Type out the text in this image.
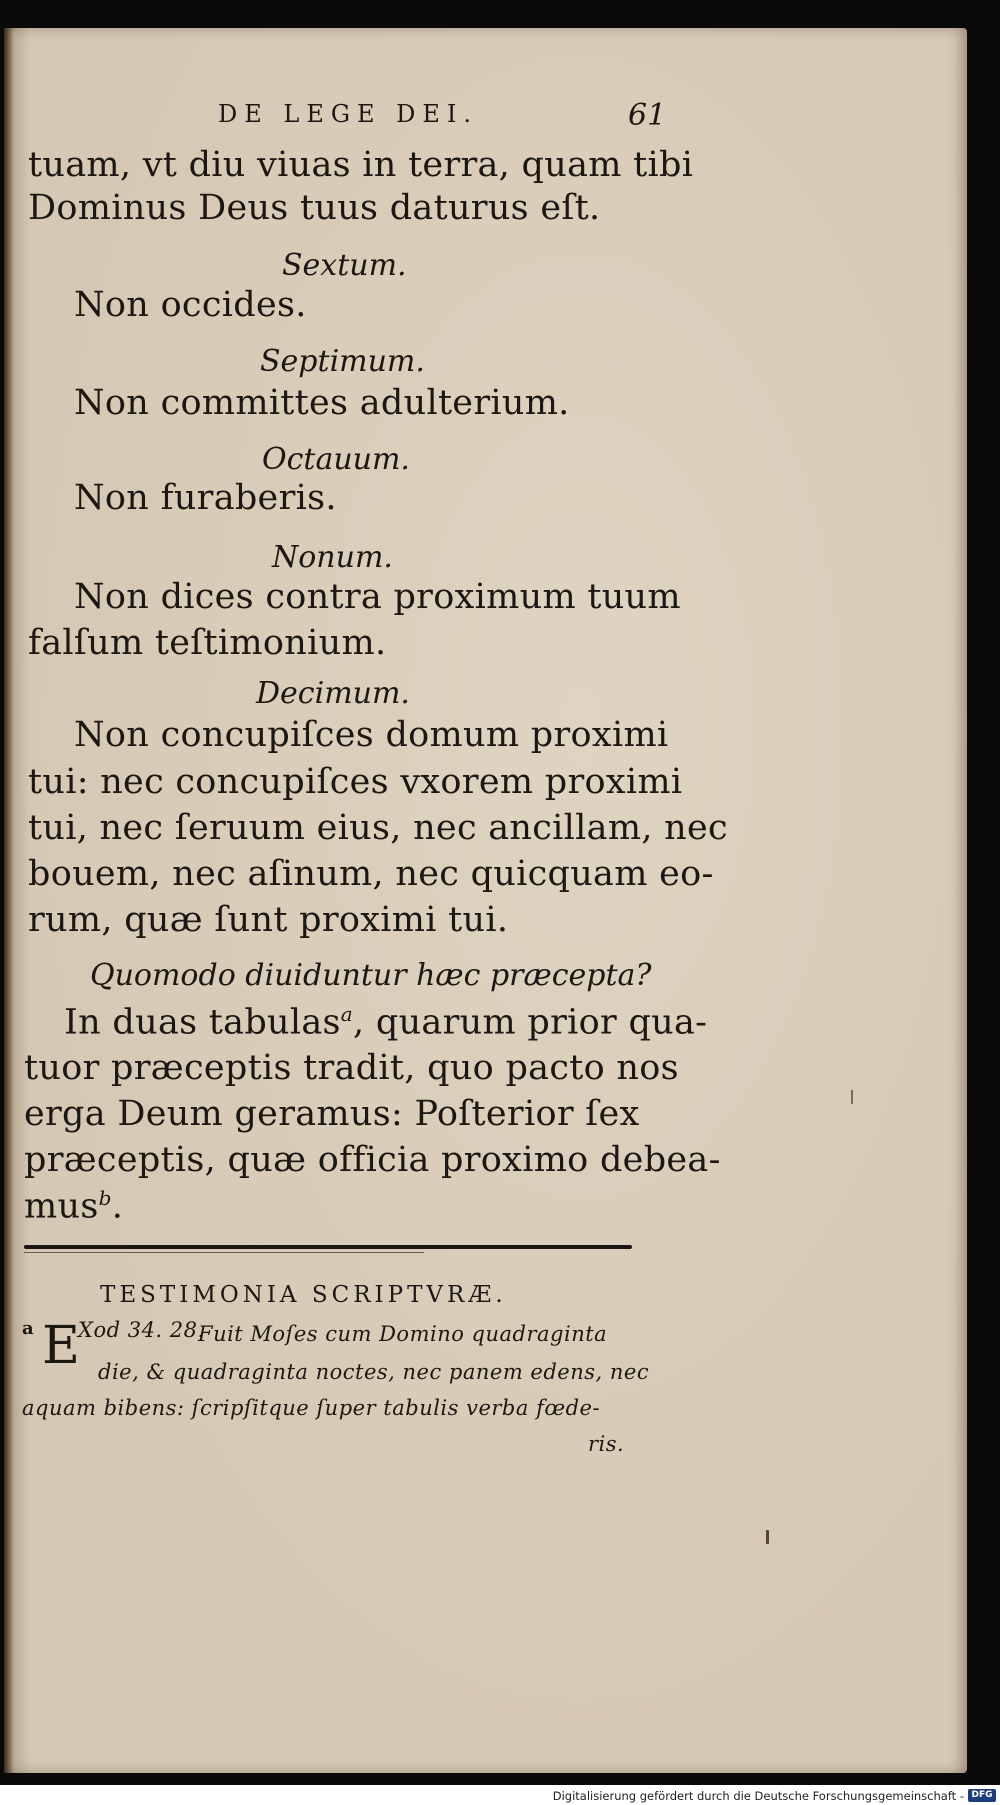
DE LEGE DEI.	61
tuam, vt diu viuas in terra, quam tibi
Dominus Deus tuus daturus eſt.
Sextum.
Non occides.
Septimum.
Non committes adulterium.
Octauum.
Non furaberis.
Nonum.
Non dices contra proximum tuum
falſum teſtimonium.
Decimum.
Non concupiſces domum proximi
tui: nec concupiſces vxorem proximi
tui, nec ſeruum eius, nec ancillam, nec
bouem, nec aſinum, nec quicquam eo-
rum, quæ ſunt proximi tui.
Quomodo diuiduntur hæc præcepta?
In duas tabulas$^a$, quarum prior qua-
tuor præceptis tradit, quo pacto nos
erga Deum geramus: Poſterior ſex
præceptis, quæ officia proximo debea-
mus$^b$.
TESTIMONIA SCRIPTVRÆ.
a E
Xod 34. 28.
Fuit Moſes cum Domino quadraginta
die, & quadraginta noctes, nec panem edens, nec
aquam bibens: ſcripſitque ſuper tabulis verba fœde-
ris.
Digitalisierung gefördert durch die Deutsche Forschungsgemeinschaft - DFG
